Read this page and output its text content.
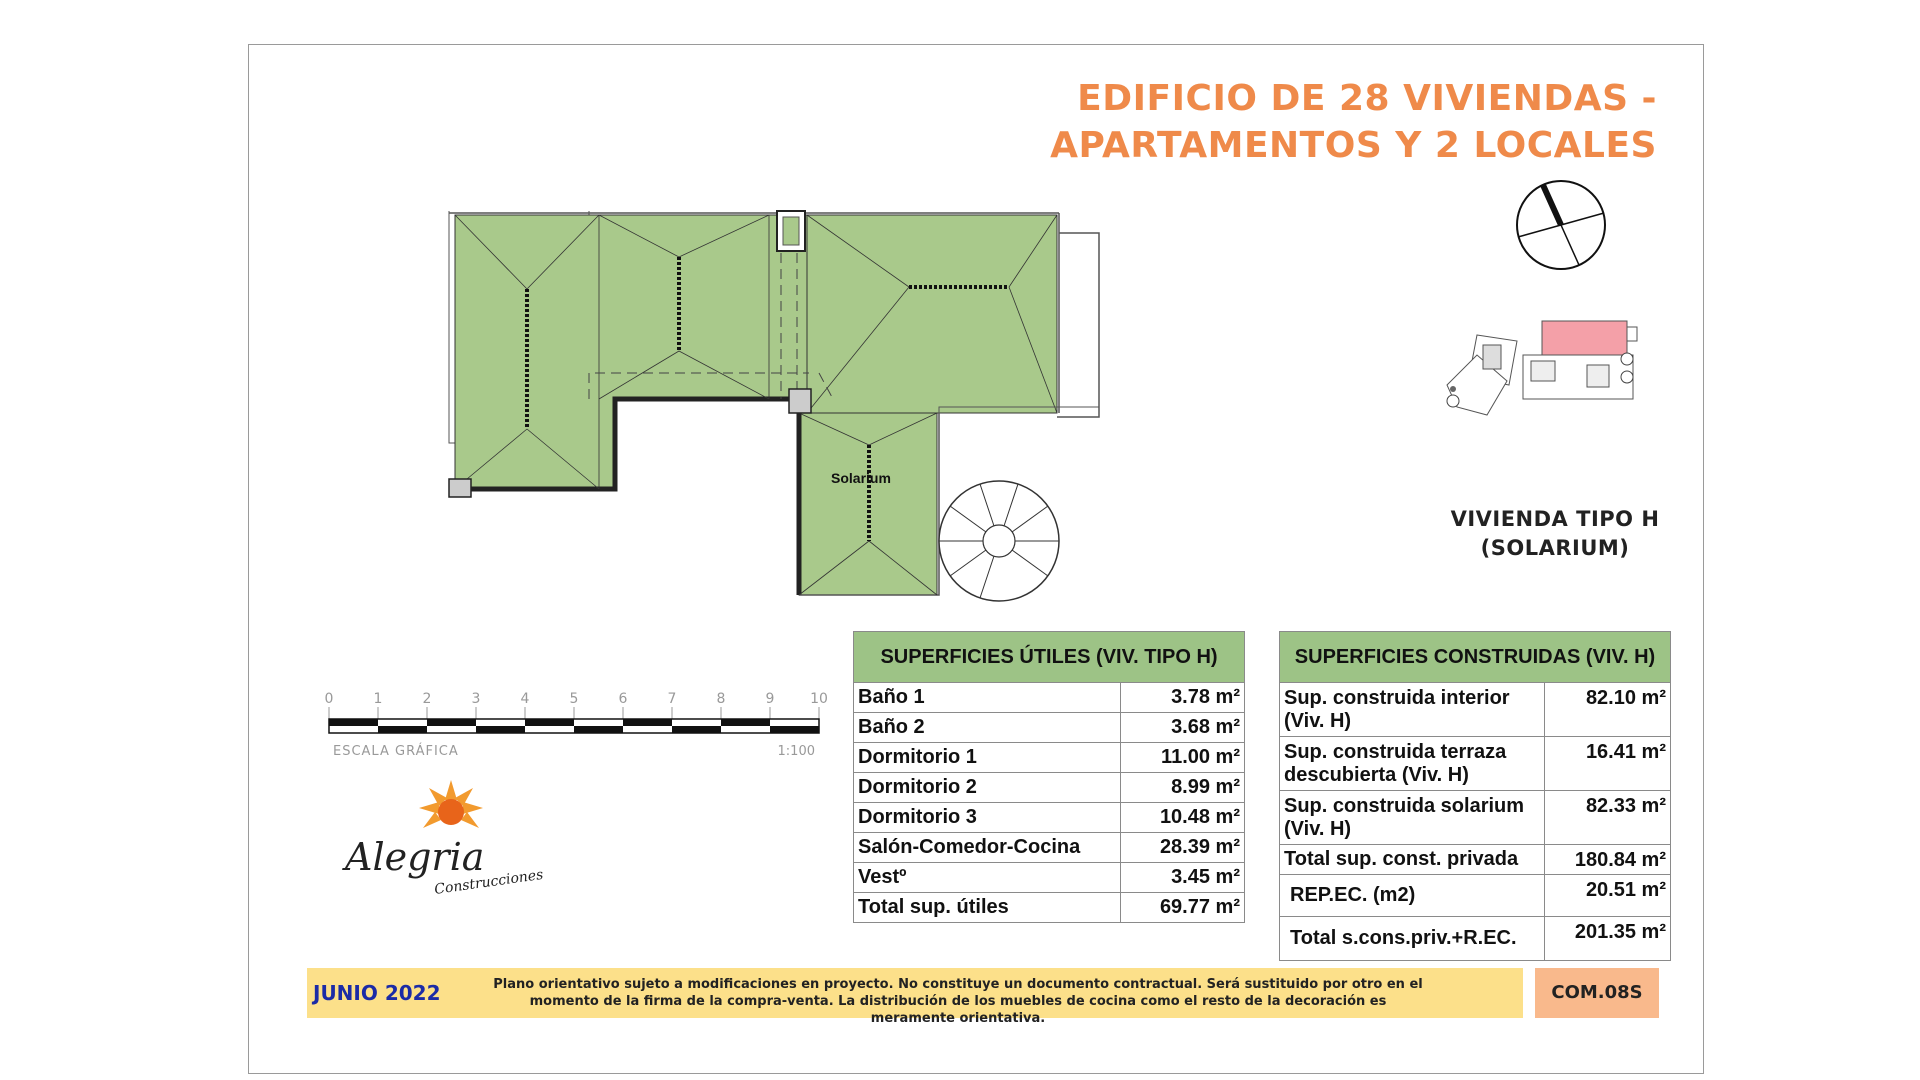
EDIFICIO DE 28 VIVIENDAS -
APARTAMENTOS Y 2 LOCALES
Solarium
VIVIENDA TIPO H
(SOLARIUM)
0	1	2	3	4	5	6	7	8	9	10
ESCALA GRÁFICA	1:100
Alegria
Construcciones
SUPERFICIES ÚTILES (VIV. TIPO H)	
Baño 1	3.78 m²
Baño 2	3.68 m²
Dormitorio 1	11.00 m²
Dormitorio 2	8.99 m²
Dormitorio 3	10.48 m²
Salón-Comedor-Cocina	28.39 m²
Vestº	3.45 m²
Total sup. útiles	69.77 m²
SUPERFICIES CONSTRUIDAS (VIV. H)	
Sup. construida interior (Viv. H)	82.10 m²
Sup. construida terraza descubierta (Viv. H)	16.41 m²
Sup. construida solarium (Viv. H)	82.33 m²
Total sup. const. privada	180.84 m²
REP.EC. (m2)	20.51 m²
Total s.cons.priv.+R.EC.	201.35 m²
JUNIO 2022	Plano orientativo sujeto a modificaciones en proyecto. No constituye un documento contractual. Será sustituido por otro en el momento de la firma de la compra-venta. La distribución de los muebles de cocina como el resto de la decoración es meramente orientativa.
COM.08S
